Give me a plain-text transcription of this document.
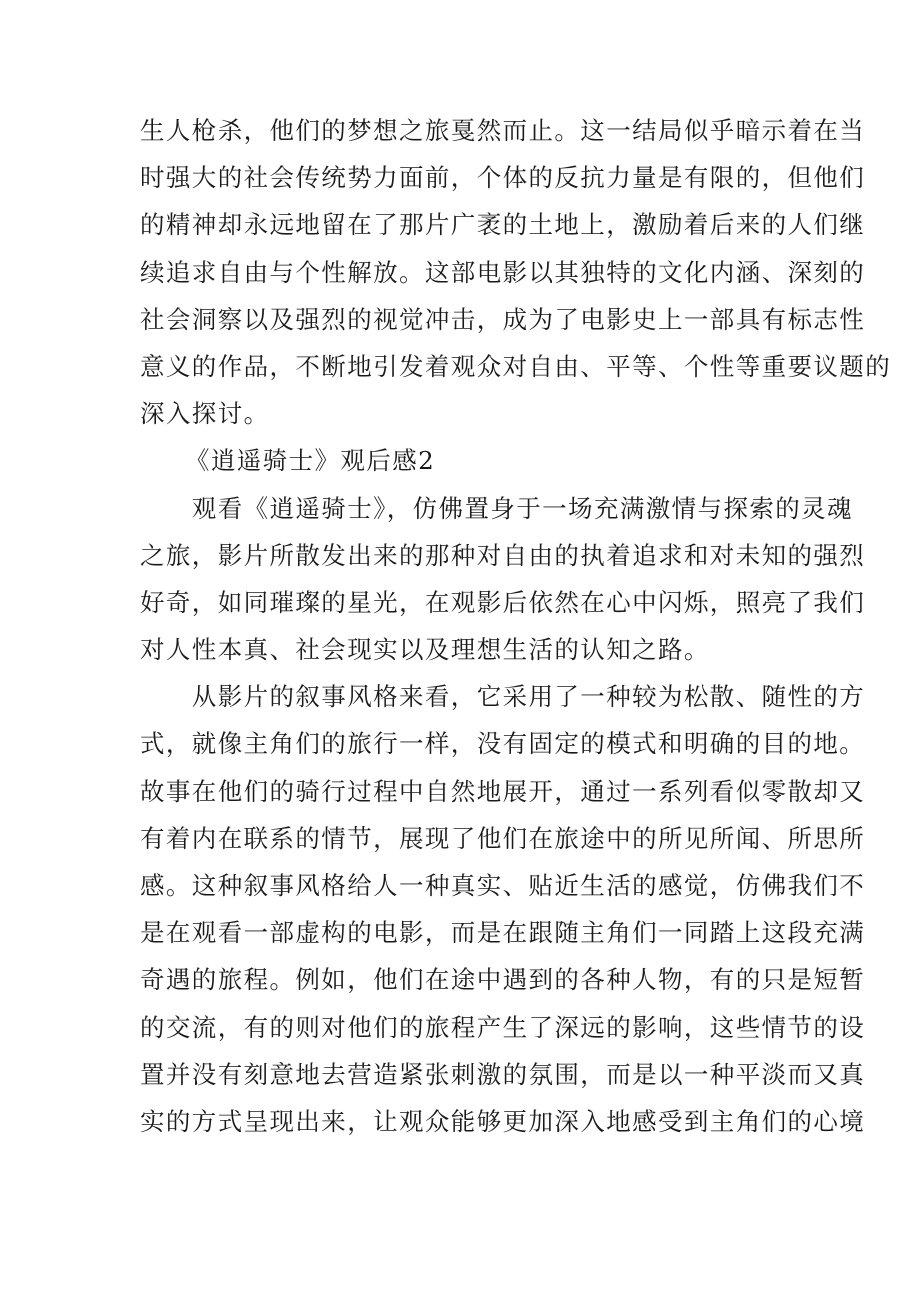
生人枪杀，他们的梦想之旅戛然而止。这一结局似乎暗示着在当
时强大的社会传统势力面前，个体的反抗力量是有限的，但他们
的精神却永远地留在了那片广袤的土地上，激励着后来的人们继
续追求自由与个性解放。这部电影以其独特的文化内涵、深刻的
社会洞察以及强烈的视觉冲击，成为了电影史上一部具有标志性
意义的作品，不断地引发着观众对自由、平等、个性等重要议题的
深入探讨。
《逍遥骑士》观后感2
　　观看《逍遥骑士》，仿佛置身于一场充满激情与探索的灵魂
之旅，影片所散发出来的那种对自由的执着追求和对未知的强烈
好奇，如同璀璨的星光，在观影后依然在心中闪烁，照亮了我们
对人性本真、社会现实以及理想生活的认知之路。
　　从影片的叙事风格来看，它采用了一种较为松散、随性的方
式，就像主角们的旅行一样，没有固定的模式和明确的目的地。
故事在他们的骑行过程中自然地展开，通过一系列看似零散却又
有着内在联系的情节，展现了他们在旅途中的所见所闻、所思所
感。这种叙事风格给人一种真实、贴近生活的感觉，仿佛我们不
是在观看一部虚构的电影，而是在跟随主角们一同踏上这段充满
奇遇的旅程。例如，他们在途中遇到的各种人物，有的只是短暂
的交流，有的则对他们的旅程产生了深远的影响，这些情节的设
置并没有刻意地去营造紧张刺激的氛围，而是以一种平淡而又真
实的方式呈现出来，让观众能够更加深入地感受到主角们的心境
